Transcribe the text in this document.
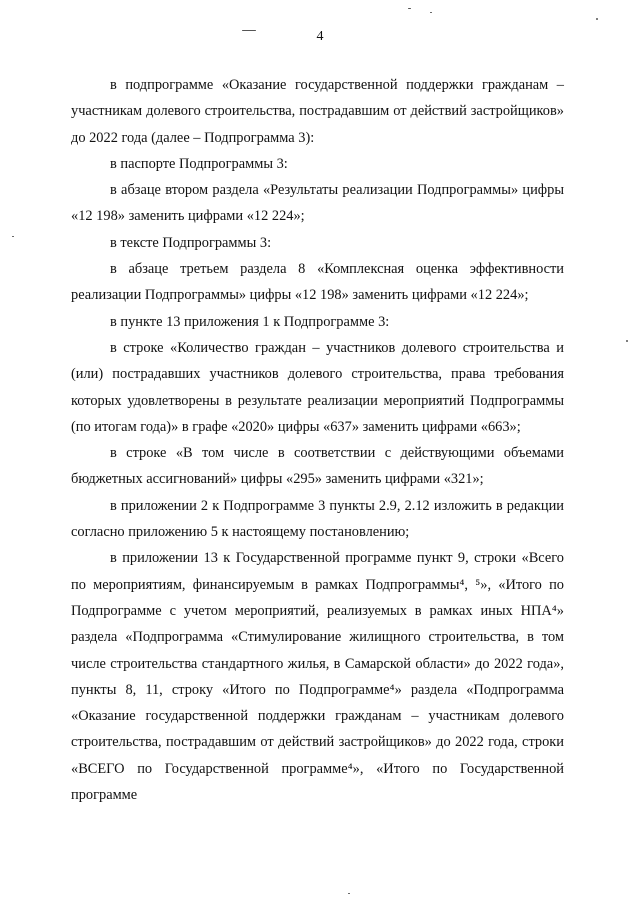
4

в подпрограмме «Оказание государственной поддержки гражданам – участникам долевого строительства, пострадавшим от действий застройщиков» до 2022 года (далее – Подпрограмма 3):

в паспорте Подпрограммы 3:

в абзаце втором раздела «Результаты реализации Подпрограммы» цифры «12 198» заменить цифрами «12 224»;

в тексте Подпрограммы 3:

в абзаце третьем раздела 8 «Комплексная оценка эффективности реализации Подпрограммы» цифры «12 198» заменить цифрами «12 224»;

в пункте 13 приложения 1 к Подпрограмме 3:

в строке «Количество граждан – участников долевого строительства и (или) пострадавших участников долевого строительства, права требования которых удовлетворены в результате реализации мероприятий Подпрограммы (по итогам года)» в графе «2020» цифры «637» заменить цифрами «663»;

в строке «В том числе в соответствии с действующими объемами бюджетных ассигнований» цифры «295» заменить цифрами «321»;

в приложении 2 к Подпрограмме 3 пункты 2.9, 2.12 изложить в редакции согласно приложению 5 к настоящему постановлению;

в приложении 13 к Государственной программе пункт 9, строки «Всего по мероприятиям, финансируемым в рамках Подпрограммы⁴, ⁵», «Итого по Подпрограмме с учетом мероприятий, реализуемых в рамках иных НПА⁴» раздела «Подпрограмма «Стимулирование жилищного строительства, в том числе строительства стандартного жилья, в Самарской области» до 2022 года», пункты 8, 11, строку «Итого по Подпрограмме⁴» раздела «Подпрограмма «Оказание государственной поддержки гражданам – участникам долевого строительства, пострадавшим от действий застройщиков» до 2022 года, строки «ВСЕГО по Государственной программе⁴», «Итого по Государственной программе
